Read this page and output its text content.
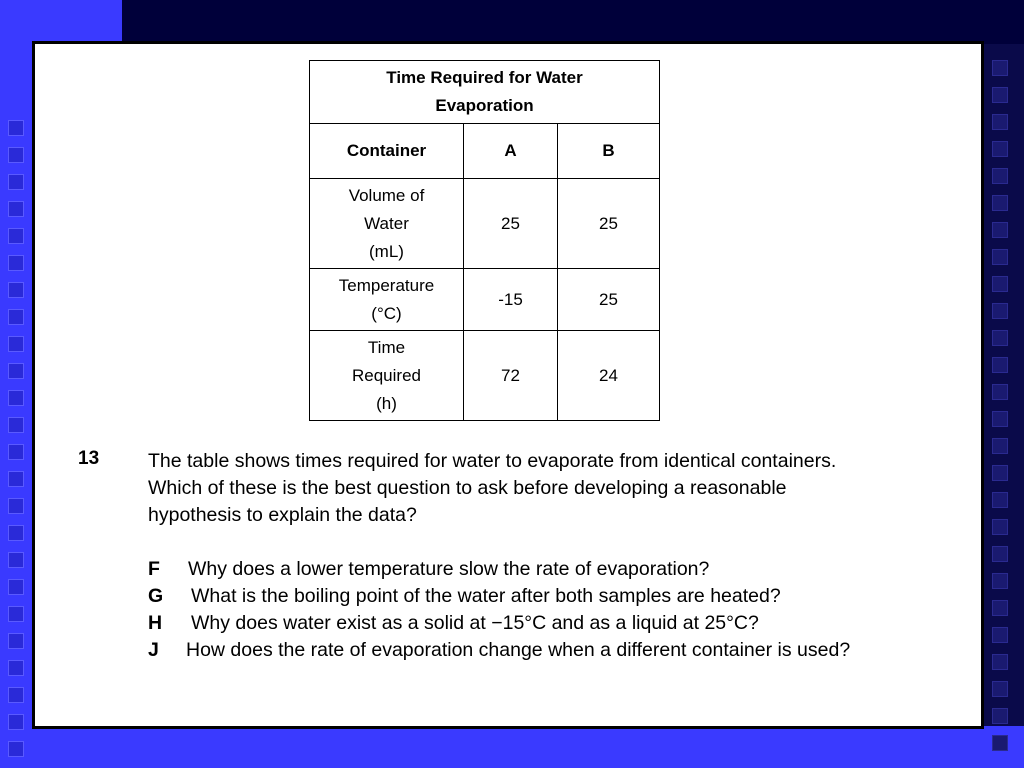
Time Required for Water Evaporation		
Container	A	B

Volume of
Water
(mL)	25	25

Temperature
(°C)	-15	25

Time
Required
(h)	72	24
13	The table shows times required for water to evaporate from identical containers.
Which of these is the best question to ask before developing a reasonable
hypothesis to explain the data?
F Why does a lower temperature slow the rate of evaporation?
G What is the boiling point of the water after both samples are heated?
H Why does water exist as a solid at −15°C and as a liquid at 25°C?
J How does the rate of evaporation change when a different container is used?
